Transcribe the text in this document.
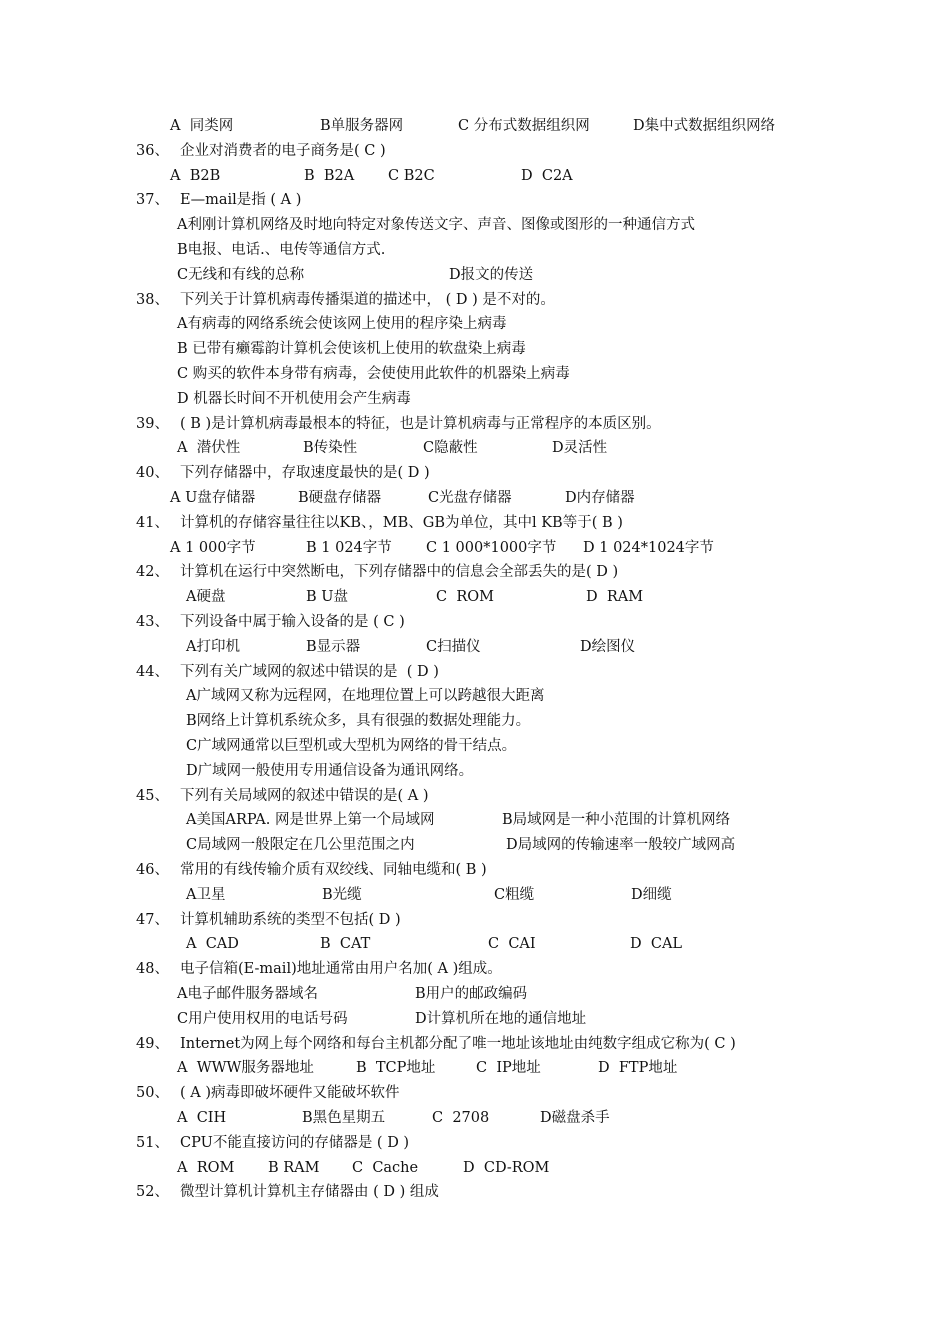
A  同类网	B单服务器网	C 分布式数据组织网	D集中式数据组织网络
36、 企业对消费者的电子商务是( C )
A  B2B	B  B2A C B2C	D  C2A
37、 E—mail是指 ( A )
A利刚计算机网络及时地向特定对象传送文字、声音、图像或图形的一种通信方式
B电报、电话.、电传等通信方式.
C无线和有线的总称	D报文的传送
38、 下列关于计算机病毒传播渠道的描述中， ( D ) 是不对的。
A有病毒的网络系统会使该网上使用的程序染上病毒
B 已带有癞霉韵计算机会使该机上使用的软盘染上病毒
C 购买的软件本身带有病毒，会使使用此软件的机器染上病毒
D 机器长时间不开机使用会产生病毒
39、 ( B )是计算机病毒最根本的特征，也是计算机病毒与正常程序的本质区别。
A  潜伏性	B传染性	C隐蔽性	D灵活性
40、 下列存储器中，存取速度最快的是( D )
A U盘存储器	B硬盘存储器	C光盘存储器	D内存储器
41、 计算机的存储容量往往以KB、，MB、GB为单位，其中l KB等于( B )
A 1 000字节	B 1 024字节 C 1 000*1000字节 D 1 024*1024字节
42、 计算机在运行中突然断电，下列存储器中的信息会全部丢失的是( D )
A硬盘	B U盘	C  ROM	D  RAM
43、 下列设备中属于输入设备的是 ( C )
A打印机	B显示器	C扫描仪	D绘图仪
44、 下列有关广域网的叙述中错误的是  ( D )
A广域网又称为远程网，在地理位置上可以跨越很大距离
B网络上计算机系统众多，具有很强的数据处理能力。
C广域网通常以巨型机或大型机为网络的骨干结点。
D广域网一般使用专用通信设备为通讯网络。
45、 下列有关局域网的叙述中错误的是( A )
A美国ARPA. 网是世界上第一个局域网	B局域网是一种小范围的计算机网络
C局域网一般限定在几公里范围之内	D局域网的传输速率一般较广域网高
46、 常用的有线传输介质有双绞线、同轴电缆和( B )
A卫星	B光缆	C粗缆	D细缆
47、 计算机辅助系统的类型不包括( D )
A  CAD	B  CAT	C  CAI	D  CAL
48、 电子信箱(E-mail)地址通常由用户名加( A )组成。
A电子邮件服务器域名	B用户的邮政编码
C用户使用权用的电话号码	D计算机所在地的通信地址
49、 Internet为网上每个网络和每台主机都分配了唯一地址该地址由纯数字组成它称为( C )
A  WWW服务器地址	B  TCP地址	C  IP地址	D  FTP地址
50、 ( A )病毒即破坏硬件又能破坏软件
A  CIH	B黑色星期五	C  2708	D磁盘杀手
51、 CPU不能直接访问的存储器是 ( D )
A  ROM B RAM C  Cache	D  CD-ROM
52、 微型计算机计算机主存储器由 ( D ) 组成
